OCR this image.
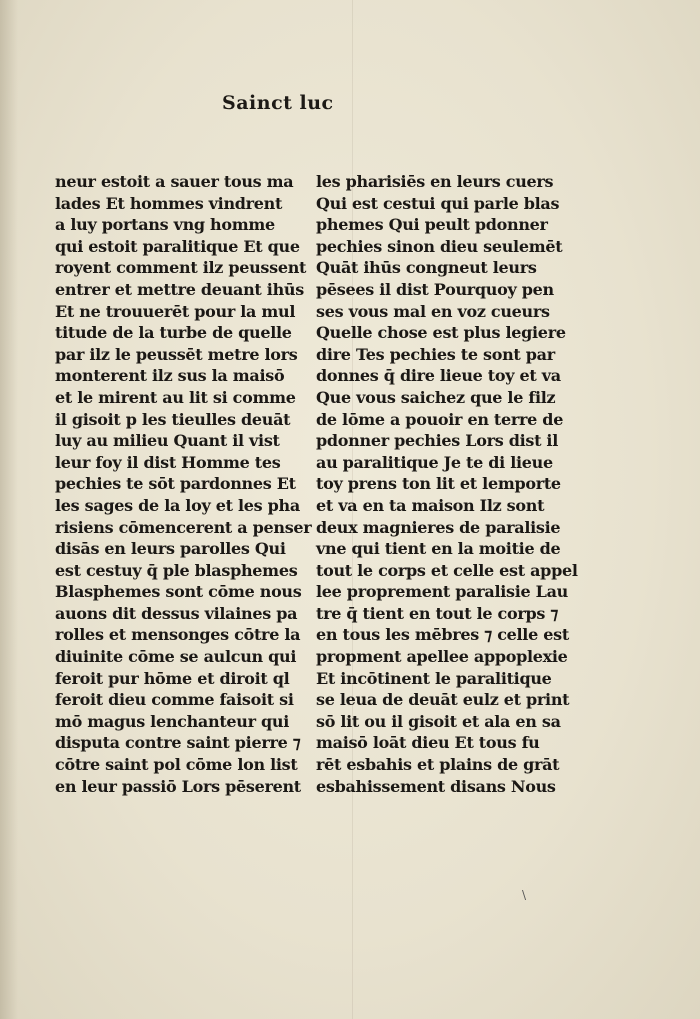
Sainct luc
neur estoit a sauer tous ma
lades Et hommes vindrent
a luy portans vng homme
qui estoit paralitique Et que
royent comment ilz peussent
entrer et mettre deuant ihūs
Et ne trouuerēt pour la mul
titude de la turbe de quelle
par ilz le peussēt metre lors
monterent ilz sus la maisō
et le mirent au lit si comme
il gisoit p les tieulles deuāt
luy au milieu Quant il vist
leur foy il dist Homme tes
pechies te sōt pardonnes Et
les sages de la loy et les pha
risiens cōmencerent a penser
disās en leurs parolles Qui
est cestuy q̄ ple blasphemes
Blasphemes sont cōme nous
auons dit dessus vilaines pa
rolles et mensonges cōtre la
diuinite cōme se aulcun qui
feroit pur hōme et diroit ql
feroit dieu comme faisoit si
mō magus lenchanteur qui
disputa contre saint pierre ⁊
cōtre saint pol cōme lon list
en leur passiō Lors pēserent
les pharisiēs en leurs cuers
Qui est cestui qui parle blas
phemes Qui peult pdonner
pechies sinon dieu seulemēt
Quāt ihūs congneut leurs
pēsees il dist Pourquoy pen
ses vous mal en voz cueurs
Quelle chose est plus legiere
dire Tes pechies te sont par
donnes q̄ dire lieue toy et va
Que vous saichez que le filz
de lōme a pouoir en terre de
pdonner pechies Lors dist il
au paralitique Je te di lieue
toy prens ton lit et lemporte
et va en ta maison Ilz sont
deux magnieres de paralisie
vne qui tient en la moitie de
tout le corps et celle est appel
lee proprement paralisie Lau
tre q̄ tient en tout le corps ⁊
en tous les mēbres ⁊ celle est
propment apellee appoplexie
Et incōtinent le paralitique
se leua de deuāt eulz et print
sō lit ou il gisoit et ala en sa
maisō loāt dieu Et tous fu
rēt esbahis et plains de grāt
esbahissement disans Nous
\
